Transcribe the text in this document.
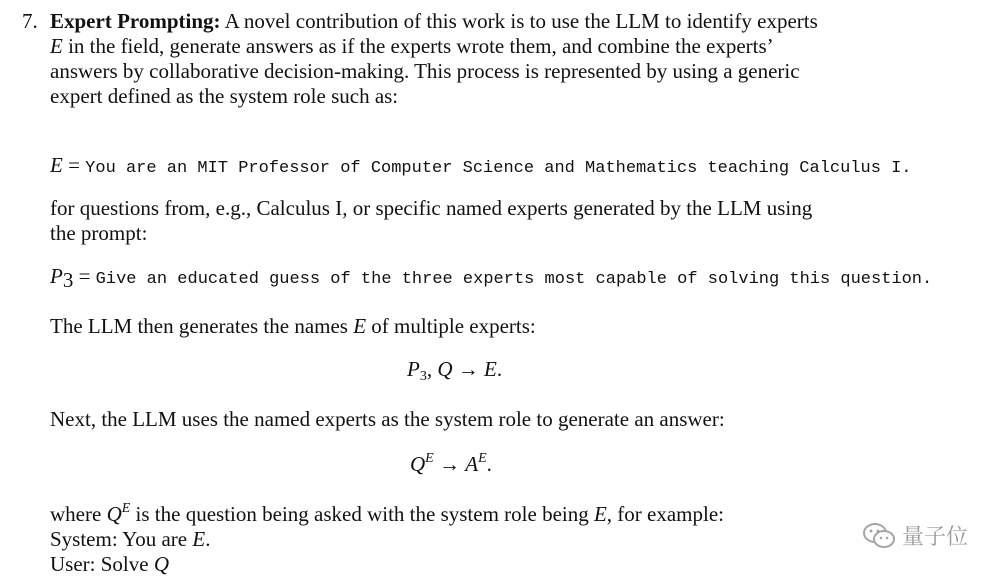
7. Expert Prompting: A novel contribution of this work is to use the LLM to identify experts
E in the field, generate answers as if the experts wrote them, and combine the experts’
answers by collaborative decision-making. This process is represented by using a generic
expert defined as the system role such as:
E = You are an MIT Professor of Computer Science and Mathematics teaching Calculus I.
for questions from, e.g., Calculus I, or specific named experts generated by the LLM using
the prompt:
$P_3$ = Give an educated guess of the three experts most capable of solving this question.
The LLM then generates the names E of multiple experts:
$P_3$, Q → E.
Next, the LLM uses the named experts as the system role to generate an answer:
$Q^E \to A^E$.
where $Q^E$ is the question being asked with the system role being E, for example:
System: You are E.
User: Solve Q
量子位
